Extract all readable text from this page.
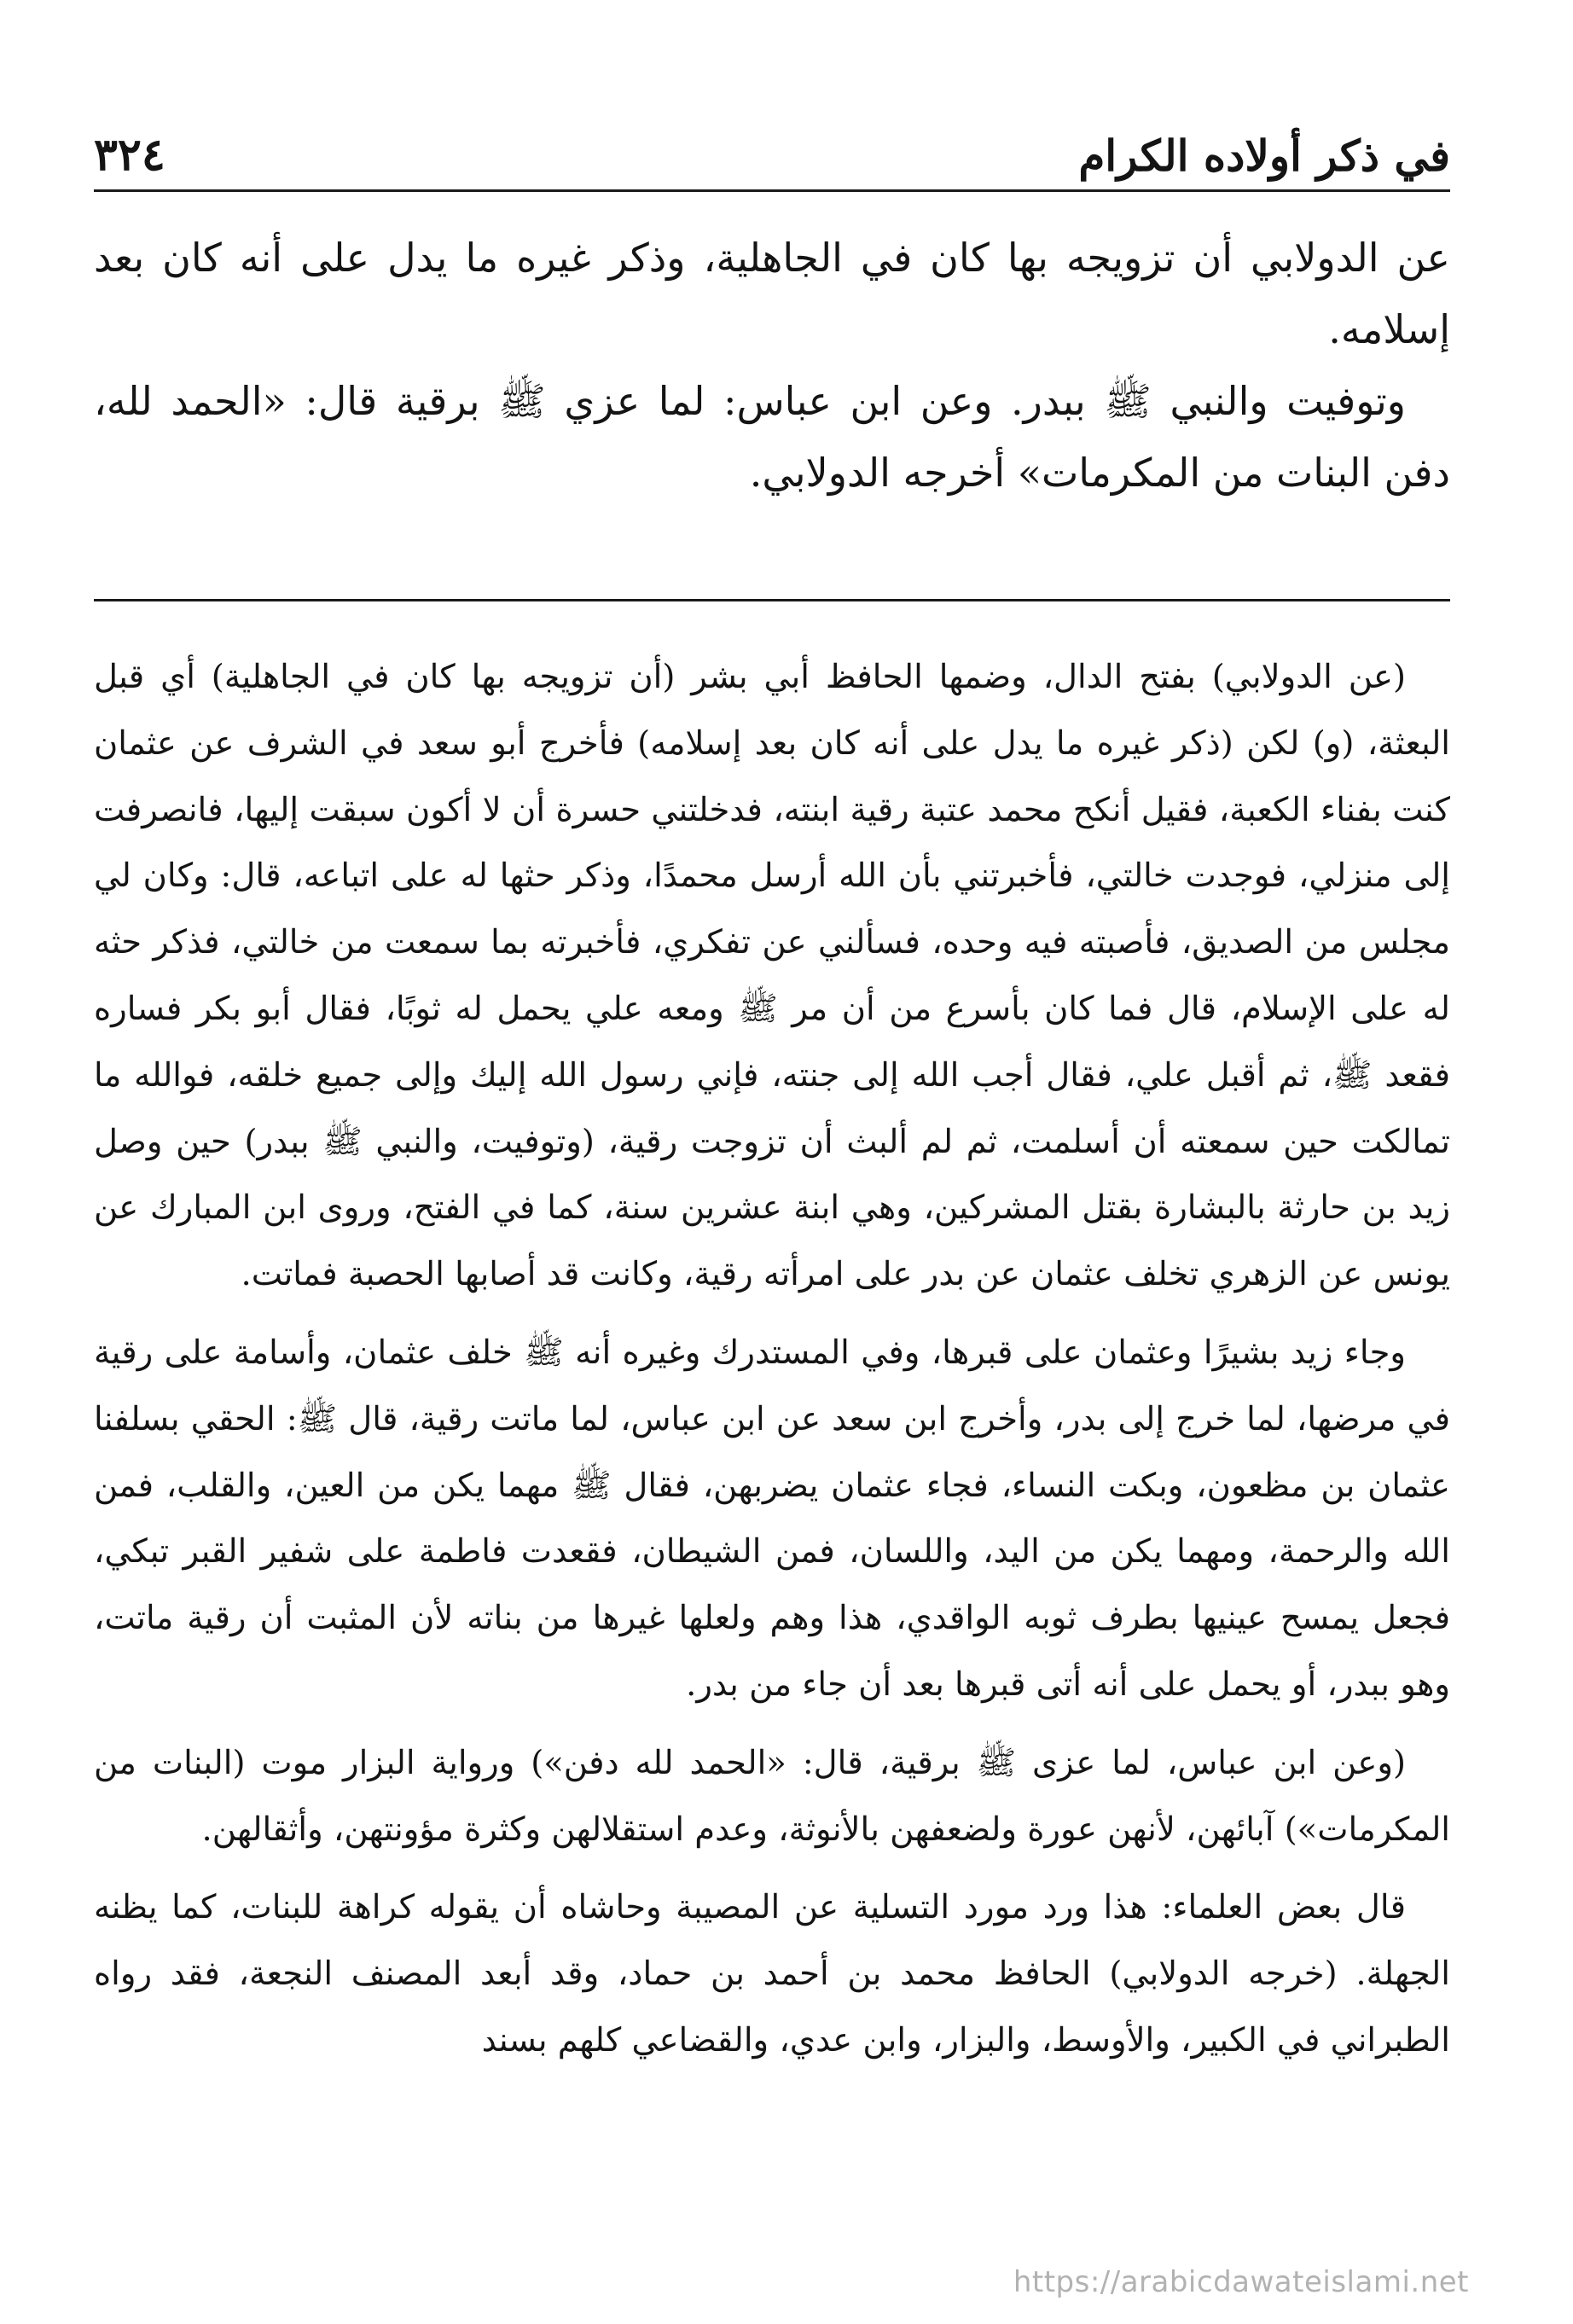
في ذكر أولاده الكرام
٣٢٤

عن الدولابي أن تزويجه بها كان في الجاهلية، وذكر غيره ما يدل على أنه كان بعد إسلامه.

وتوفيت والنبي ﷺ ببدر. وعن ابن عباس: لما عزي ﷺ برقية قال: «الحمد لله، دفن البنات من المكرمات» أخرجه الدولابي.

(عن الدولابي) بفتح الدال، وضمها الحافظ أبي بشر (أن تزويجه بها كان في الجاهلية) أي قبل البعثة، (و) لكن (ذكر غيره ما يدل على أنه كان بعد إسلامه) فأخرج أبو سعد في الشرف عن عثمان كنت بفناء الكعبة، فقيل أنكح محمد عتبة رقية ابنته، فدخلتني حسرة أن لا أكون سبقت إليها، فانصرفت إلى منزلي، فوجدت خالتي، فأخبرتني بأن الله أرسل محمدًا، وذكر حثها له على اتباعه، قال: وكان لي مجلس من الصديق، فأصبته فيه وحده، فسألني عن تفكري، فأخبرته بما سمعت من خالتي، فذكر حثه له على الإسلام، قال فما كان بأسرع من أن مر ﷺ ومعه علي يحمل له ثوبًا، فقال أبو بكر فساره فقعد ﷺ، ثم أقبل علي، فقال أجب الله إلى جنته، فإني رسول الله إليك وإلى جميع خلقه، فوالله ما تمالكت حين سمعته أن أسلمت، ثم لم ألبث أن تزوجت رقية، (وتوفيت، والنبي ﷺ ببدر) حين وصل زيد بن حارثة بالبشارة بقتل المشركين، وهي ابنة عشرين سنة، كما في الفتح، وروى ابن المبارك عن يونس عن الزهري تخلف عثمان عن بدر على امرأته رقية، وكانت قد أصابها الحصبة فماتت.

وجاء زيد بشيرًا وعثمان على قبرها، وفي المستدرك وغيره أنه ﷺ خلف عثمان، وأسامة على رقية في مرضها، لما خرج إلى بدر، وأخرج ابن سعد عن ابن عباس، لما ماتت رقية، قال ﷺ: الحقي بسلفنا عثمان بن مظعون، وبكت النساء، فجاء عثمان يضربهن، فقال ﷺ مهما يكن من العين، والقلب، فمن الله والرحمة، ومهما يكن من اليد، واللسان، فمن الشيطان، فقعدت فاطمة على شفير القبر تبكي، فجعل يمسح عينيها بطرف ثوبه الواقدي، هذا وهم ولعلها غيرها من بناته لأن المثبت أن رقية ماتت، وهو ببدر، أو يحمل على أنه أتى قبرها بعد أن جاء من بدر.

(وعن ابن عباس، لما عزى ﷺ برقية، قال: «الحمد لله دفن») ورواية البزار موت (البنات من المكرمات») آبائهن، لأنهن عورة ولضعفهن بالأنوثة، وعدم استقلالهن وكثرة مؤونتهن، وأثقالهن.

قال بعض العلماء: هذا ورد مورد التسلية عن المصيبة وحاشاه أن يقوله كراهة للبنات، كما يظنه الجهلة. (خرجه الدولابي) الحافظ محمد بن أحمد بن حماد، وقد أبعد المصنف النجعة، فقد رواه الطبراني في الكبير، والأوسط، والبزار، وابن عدي، والقضاعي كلهم بسند

https://arabicdawateislami.net
